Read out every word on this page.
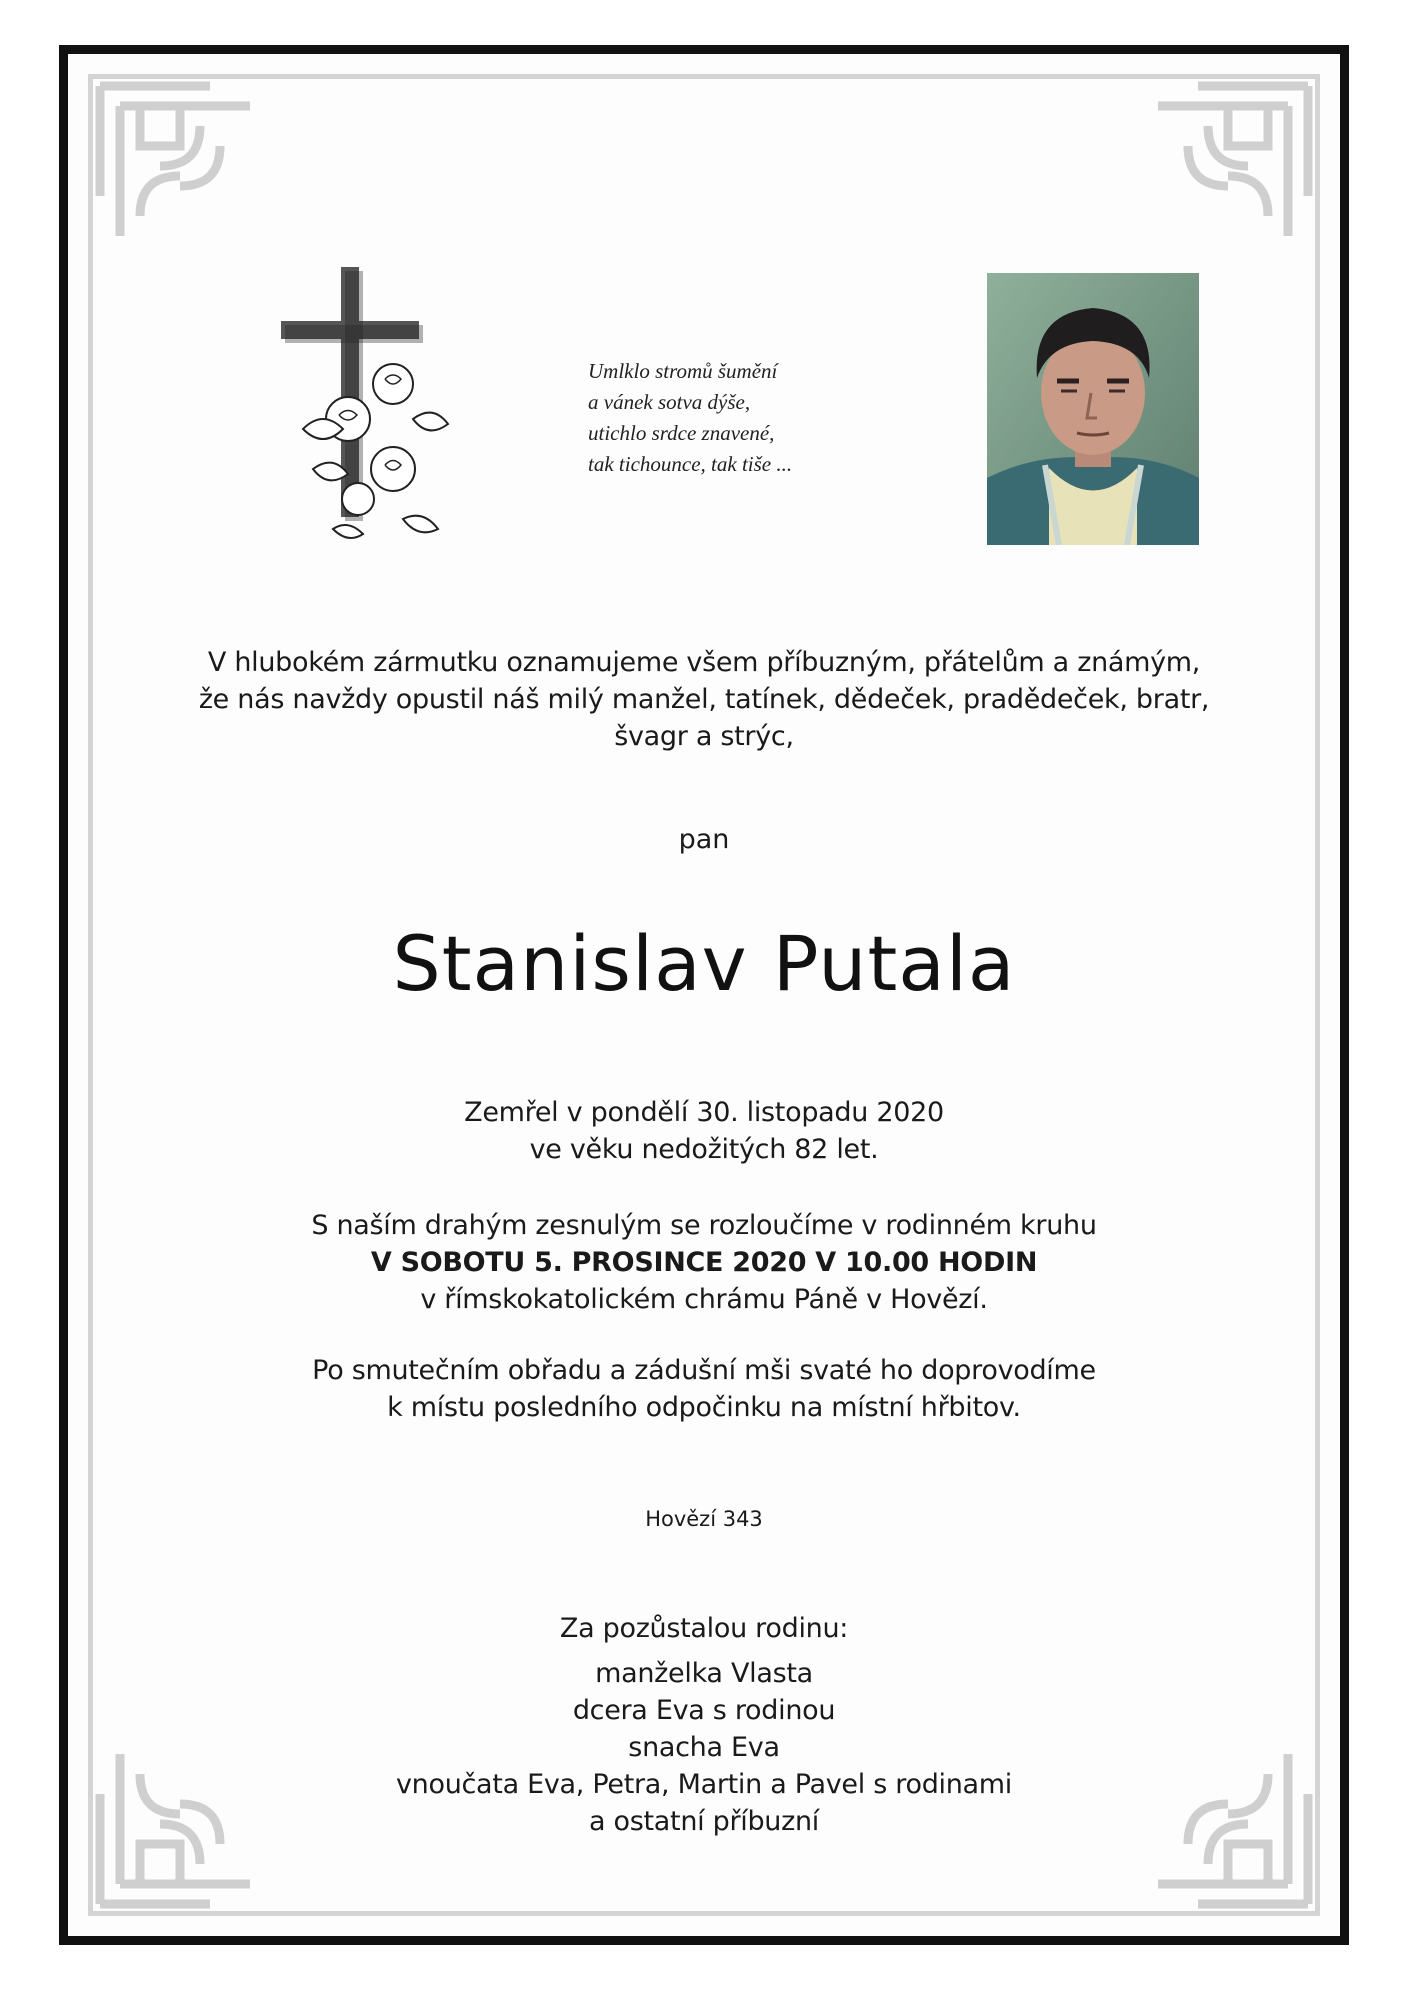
Umlklo stromů šumění
a vánek sotva dýše,
utichlo srdce znavené,
tak tichounce, tak tiše ...
V hlubokém zármutku oznamujeme všem příbuzným, přátelům a známým,
že nás navždy opustil náš milý manžel, tatínek, dědeček, pradědeček, bratr,
švagr a strýc,
pan
Stanislav Putala
Zemřel v pondělí 30. listopadu 2020
ve věku nedožitých 82 let.
S naším drahým zesnulým se rozloučíme v rodinném kruhu
V SOBOTU 5. PROSINCE 2020 V 10.00 HODIN
v římskokatolickém chrámu Páně v Hovězí.
Po smutečním obřadu a zádušní mši svaté ho doprovodíme
k místu posledního odpočinku na místní hřbitov.
Hovězí 343
Za pozůstalou rodinu:
manželka Vlasta
dcera Eva s rodinou
snacha Eva
vnoučata Eva, Petra, Martin a Pavel s rodinami
a ostatní příbuzní
